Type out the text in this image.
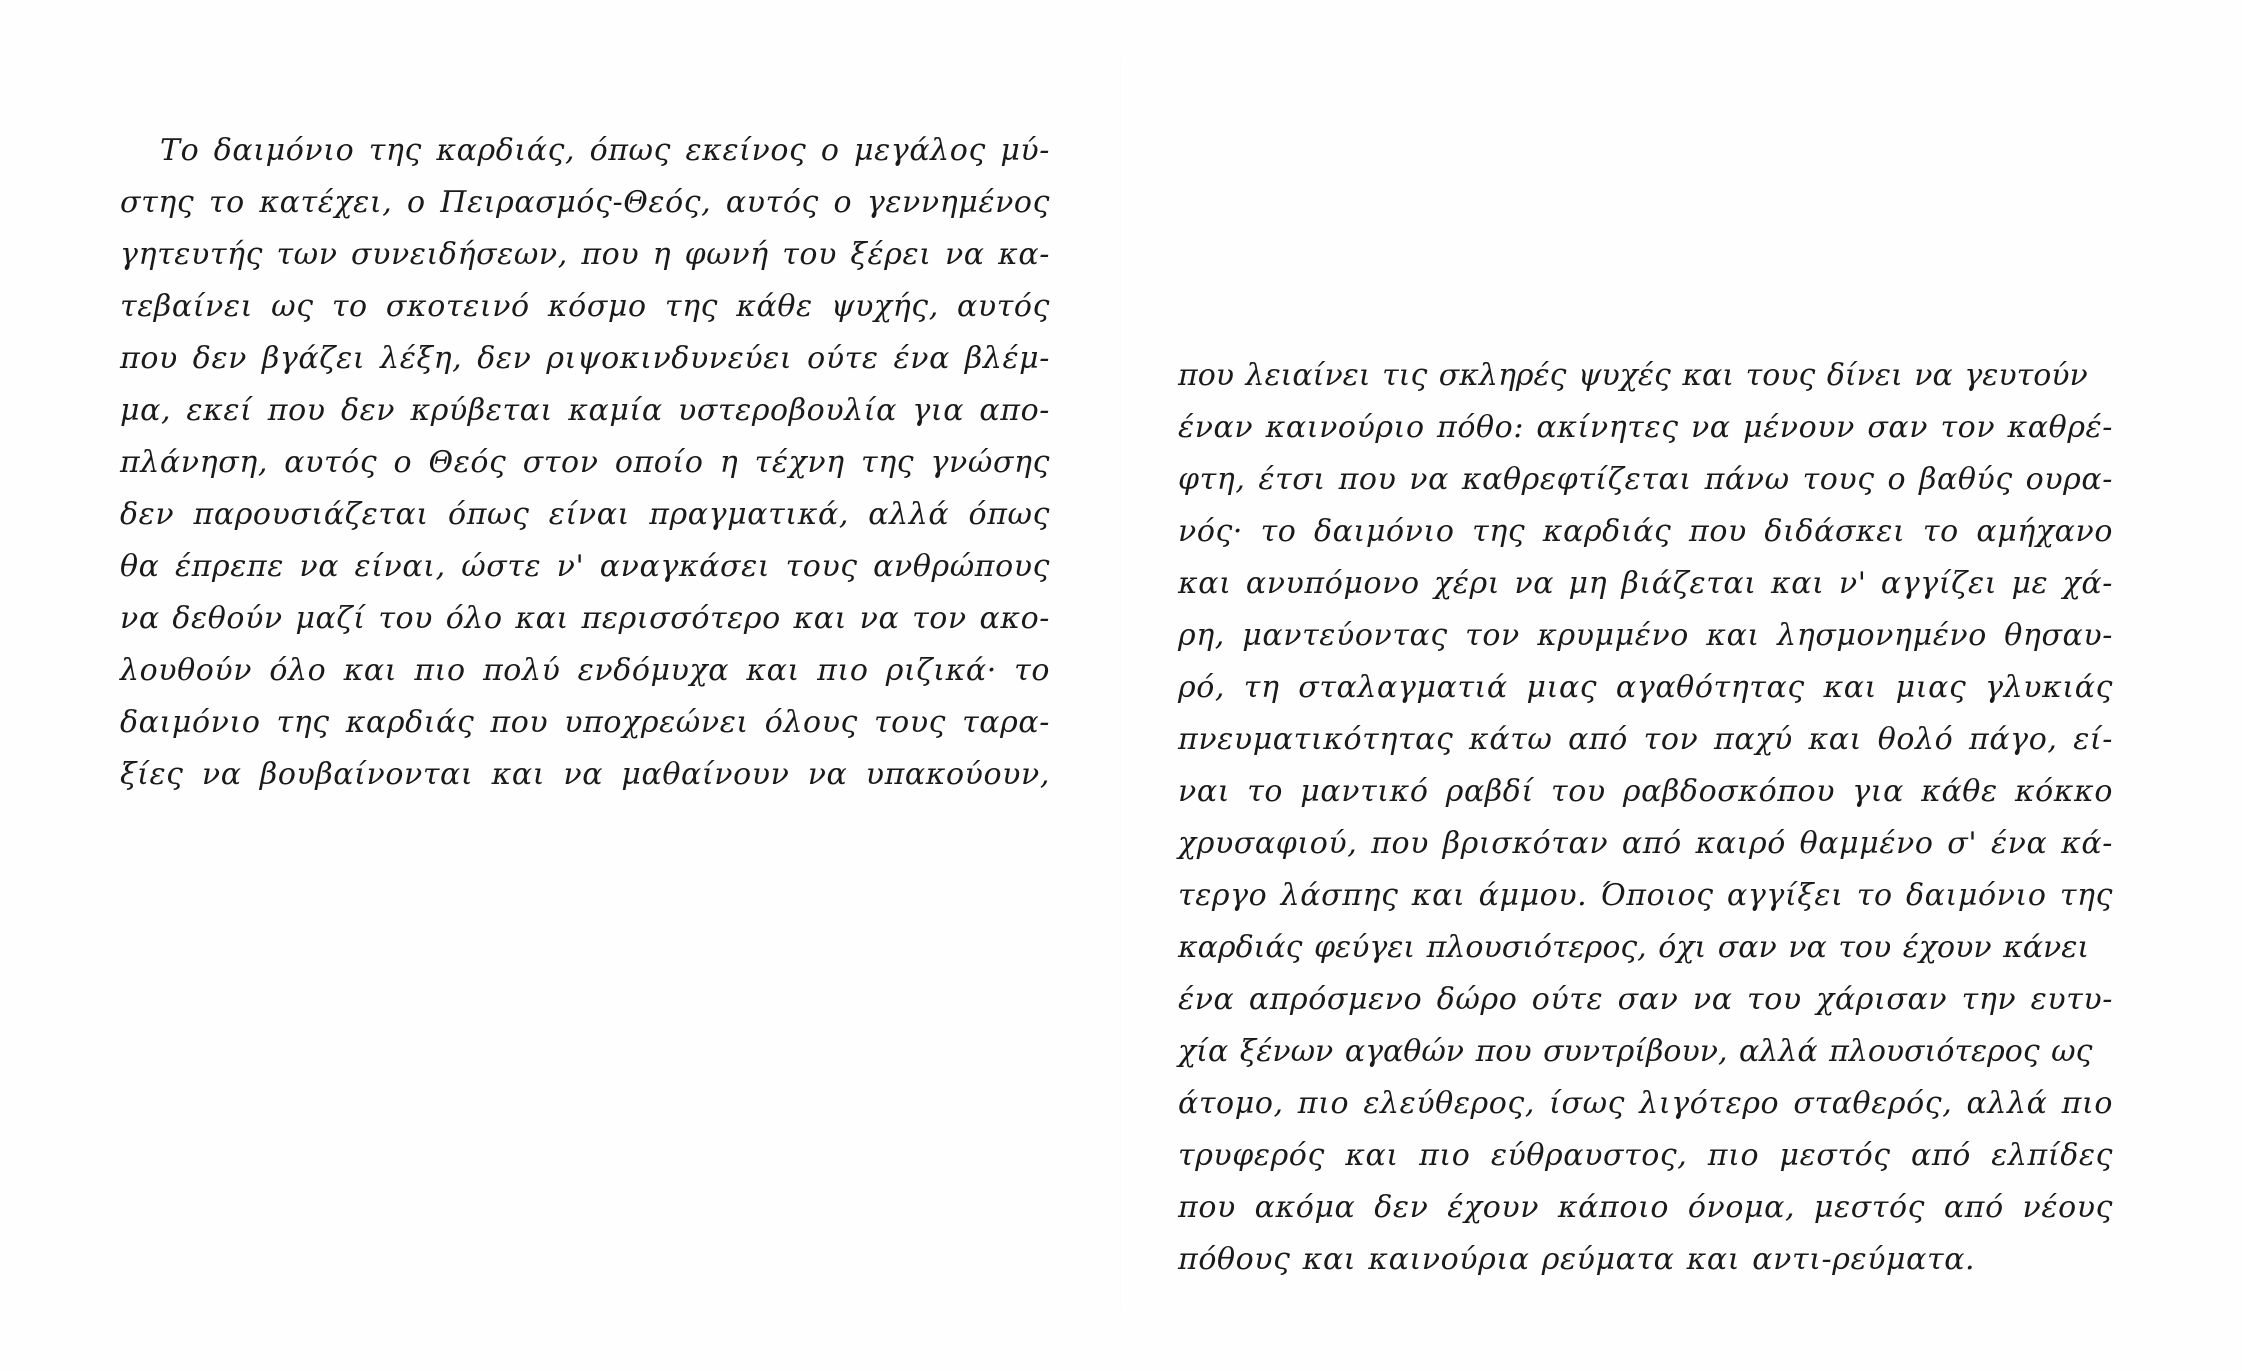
Το δαιμόνιο της καρδιάς, όπως εκείνος ο μεγάλος μύ-
στης το κατέχει, ο Πειρασμός-Θεός, αυτός ο γεννημένος
γητευτής των συνειδήσεων, που η φωνή του ξέρει να κα-
τεβαίνει ως το σκοτεινό κόσμο της κάθε ψυχής, αυτός
που δεν βγάζει λέξη, δεν ριψοκινδυνεύει ούτε ένα βλέμ-
μα, εκεί που δεν κρύβεται καμία υστεροβουλία για απο-
πλάνηση, αυτός ο Θεός στον οποίο η τέχνη της γνώσης
δεν παρουσιάζεται όπως είναι πραγματικά, αλλά όπως
θα έπρεπε να είναι, ώστε ν' αναγκάσει τους ανθρώπους
να δεθούν μαζί του όλο και περισσότερο και να τον ακο-
λουθούν όλο και πιο πολύ ενδόμυχα και πιο ριζικά· το
δαιμόνιο της καρδιάς που υποχρεώνει όλους τους ταρα-
ξίες να βουβαίνονται και να μαθαίνουν να υπακούουν,
που λειαίνει τις σκληρές ψυχές και τους δίνει να γευτούν
έναν καινούριο πόθο: ακίνητες να μένουν σαν τον καθρέ-
φτη, έτσι που να καθρεφτίζεται πάνω τους ο βαθύς ουρα-
νός· το δαιμόνιο της καρδιάς που διδάσκει το αμήχανο
και ανυπόμονο χέρι να μη βιάζεται και ν' αγγίζει με χά-
ρη, μαντεύοντας τον κρυμμένο και λησμονημένο θησαυ-
ρό, τη σταλαγματιά μιας αγαθότητας και μιας γλυκιάς
πνευματικότητας κάτω από τον παχύ και θολό πάγο, εί-
ναι το μαντικό ραβδί του ραβδοσκόπου για κάθε κόκκο
χρυσαφιού, που βρισκόταν από καιρό θαμμένο σ' ένα κά-
τεργο λάσπης και άμμου. Όποιος αγγίξει το δαιμόνιο της
καρδιάς φεύγει πλουσιότερος, όχι σαν να του έχουν κάνει
ένα απρόσμενο δώρο ούτε σαν να του χάρισαν την ευτυ-
χία ξένων αγαθών που συντρίβουν, αλλά πλουσιότερος ως
άτομο, πιο ελεύθερος, ίσως λιγότερο σταθερός, αλλά πιο
τρυφερός και πιο εύθραυστος, πιο μεστός από ελπίδες
που ακόμα δεν έχουν κάποιο όνομα, μεστός από νέους
πόθους και καινούρια ρεύματα και αντι-ρεύματα.
